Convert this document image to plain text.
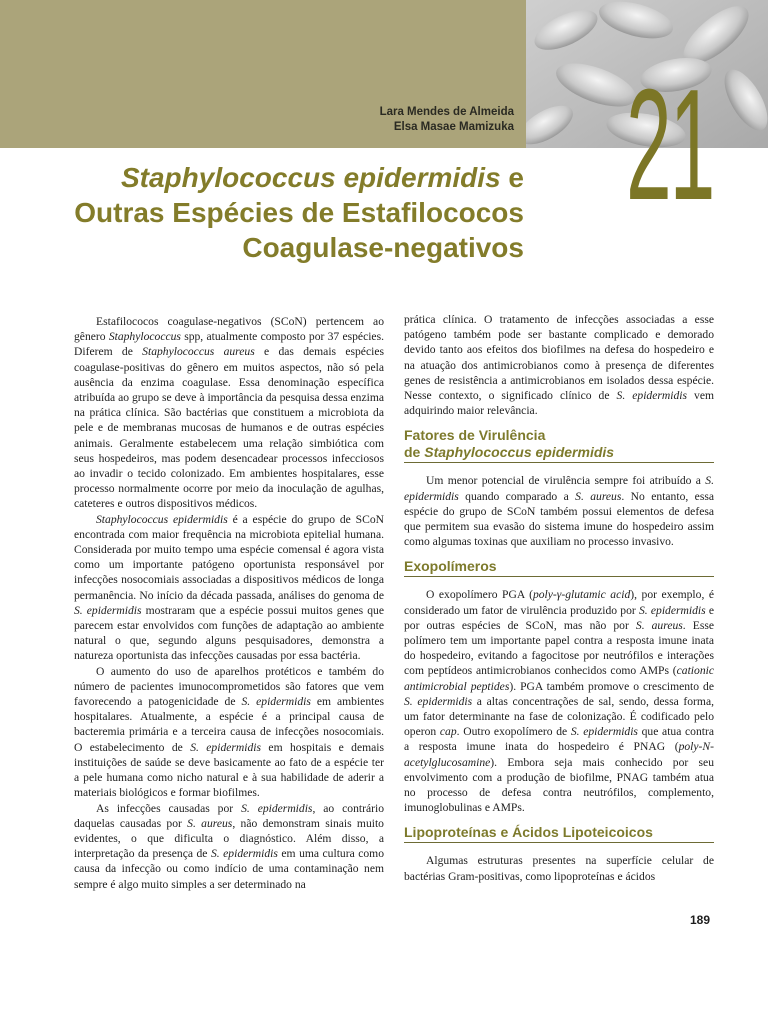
Lara Mendes de Almeida
Elsa Masae Mamizuka 21
Staphylococcus epidermidis e
Outras Espécies de Estafilococos
Coagulase-negativos

Estafilococos coagulase-negativos (SCoN) pertencem ao gênero Staphylococcus spp, atualmente composto por 37 espécies. Diferem de Staphylococcus aureus e das demais espécies coagulase-positivas do gênero em muitos aspectos, não só pela ausência da enzima coagulase. Essa denominação específica atribuída ao grupo se deve à importância da pesquisa dessa enzima na prática clínica. São bactérias que constituem a microbiota da pele e de membranas mucosas de humanos e de outras espécies animais. Geralmente estabelecem uma relação simbiótica com seus hospedeiros, mas podem desencadear processos infecciosos ao invadir o tecido colonizado. Em ambientes hospitalares, esse processo normalmente ocorre por meio da inoculação de agulhas, cateteres e outros dispositivos médicos.

Staphylococcus epidermidis é a espécie do grupo de SCoN encontrada com maior frequência na microbiota epitelial humana. Considerada por muito tempo uma espécie comensal é agora vista como um importante patógeno oportunista responsável por infecções nosocomiais associadas a dispositivos médicos de longa permanência. No início da década passada, análises do genoma de S. epidermidis mostraram que a espécie possui muitos genes que parecem estar envolvidos com funções de adaptação ao ambiente natural o que, segundo alguns pesquisadores, demonstra a natureza oportunista das infecções causadas por essa bactéria.

O aumento do uso de aparelhos protéticos e também do número de pacientes imunocomprometidos são fatores que vem favorecendo a patogenicidade de S. epidermidis em ambientes hospitalares. Atualmente, a espécie é a principal causa de bacteremia primária e a terceira causa de infecções nosocomiais. O estabelecimento de S. epidermidis em hospitais e demais instituições de saúde se deve basicamente ao fato de a espécie ter a pele humana como nicho natural e à sua habilidade de aderir a materiais biológicos e formar biofilmes.

As infecções causadas por S. epidermidis, ao contrário daquelas causadas por S. aureus, não demonstram sinais muito evidentes, o que dificulta o diagnóstico. Além disso, a interpretação da presença de S. epidermidis em uma cultura como causa da infecção ou como indício de uma contaminação nem sempre é algo muito simples a ser determinado na

prática clínica. O tratamento de infecções associadas a esse patógeno também pode ser bastante complicado e demorado devido tanto aos efeitos dos biofilmes na defesa do hospedeiro e na atuação dos antimicrobianos como à presença de diferentes genes de resistência a antimicrobianos em isolados dessa espécie. Nesse contexto, o significado clínico de S. epidermidis vem adquirindo maior relevância.

Fatores de Virulência
de Staphylococcus epidermidis

Um menor potencial de virulência sempre foi atribuído a S. epidermidis quando comparado a S. aureus. No entanto, essa espécie do grupo de SCoN também possui elementos de defesa que permitem sua evasão do sistema imune do hospedeiro assim como algumas toxinas que auxiliam no processo invasivo.

Exopolímeros

O exopolímero PGA (poly-γ-glutamic acid), por exemplo, é considerado um fator de virulência produzido por S. epidermidis e por outras espécies de SCoN, mas não por S. aureus. Esse polímero tem um importante papel contra a resposta imune inata do hospedeiro, evitando a fagocitose por neutrófilos e interações com peptídeos antimicrobianos conhecidos como AMPs (cationic antimicrobial peptides). PGA também promove o crescimento de S. epidermidis a altas concentrações de sal, sendo, dessa forma, um fator determinante na fase de colonização. É codificado pelo operon cap. Outro exopolímero de S. epidermidis que atua contra a resposta imune inata do hospedeiro é PNAG (poly-N-acetylglucosamine). Embora seja mais conhecido por seu envolvimento com a produção de biofilme, PNAG também atua no processo de defesa contra neutrófilos, complemento, imunoglobulinas e AMPs.

Lipoproteínas e Ácidos Lipoteicoicos

Algumas estruturas presentes na superfície celular de bactérias Gram-positivas, como lipoproteínas e ácidos

189
